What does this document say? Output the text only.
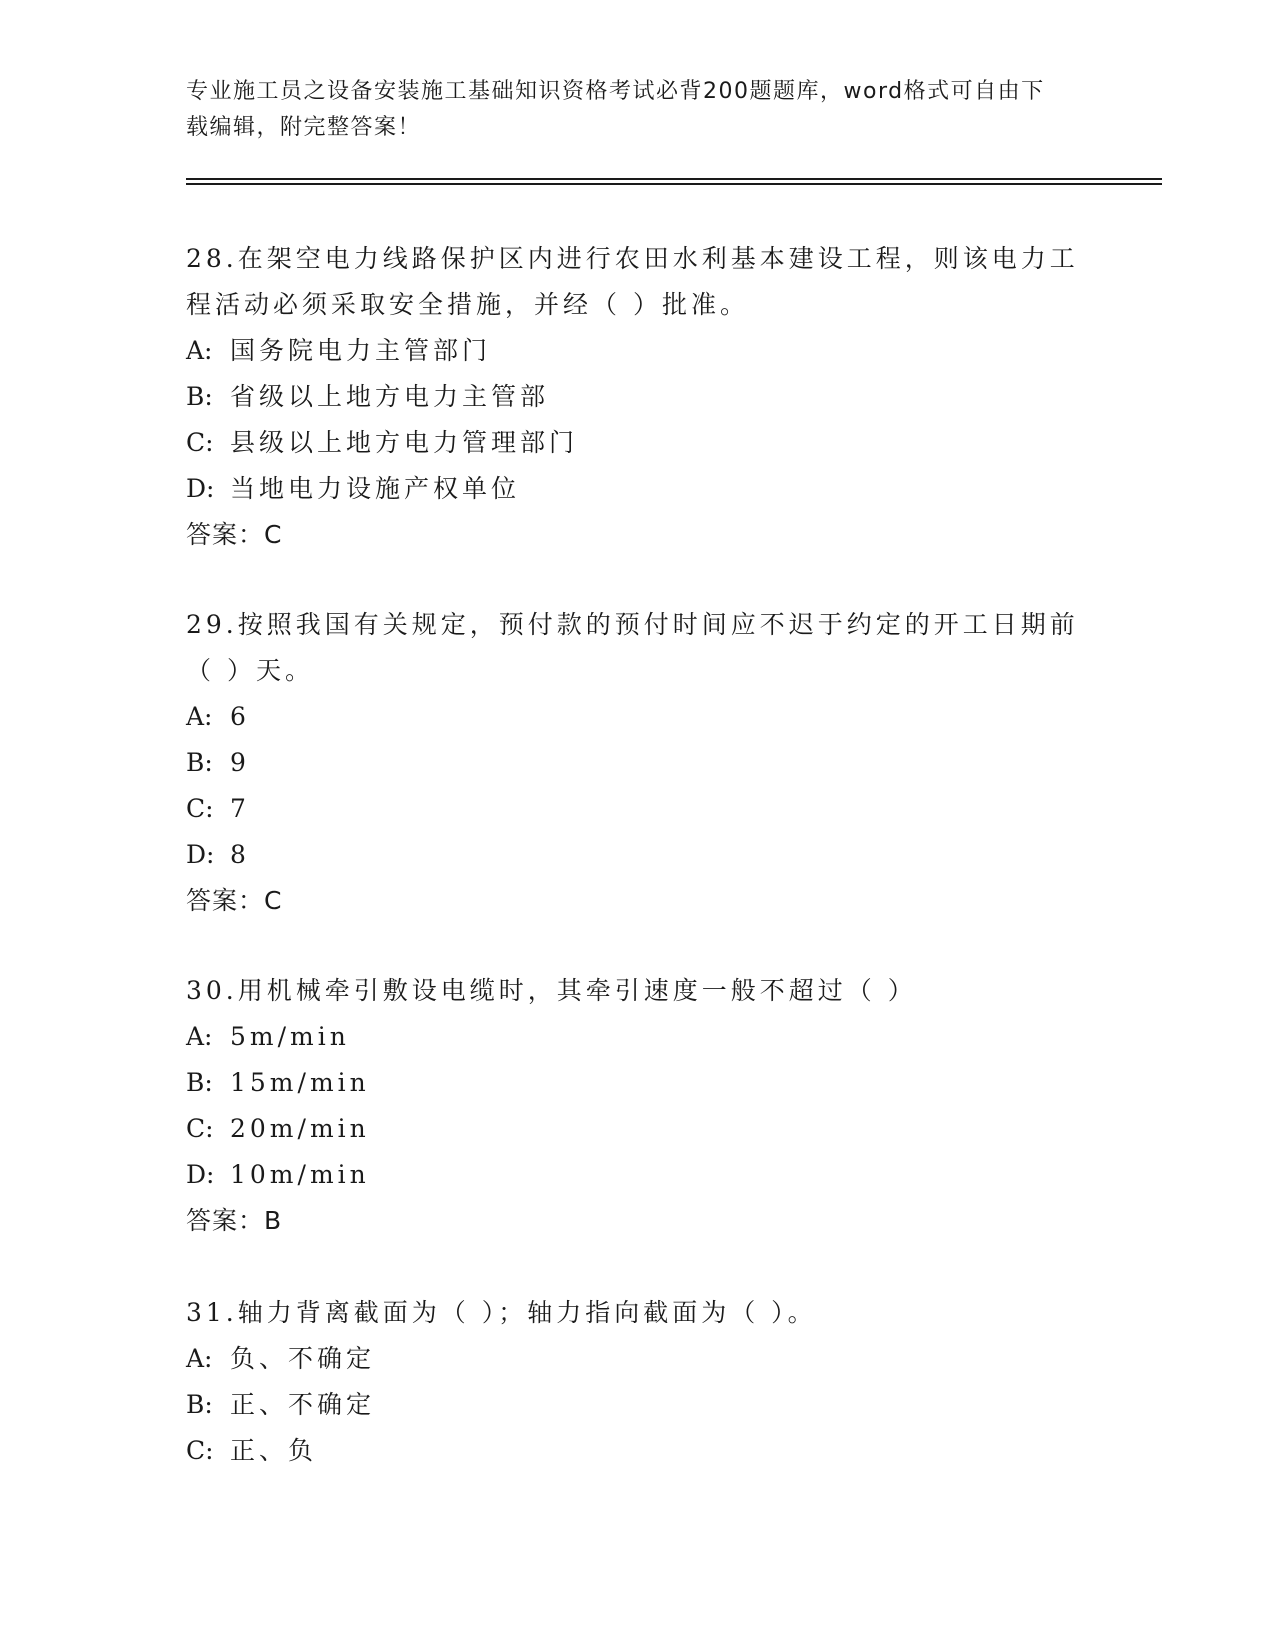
专业施工员之设备安装施工基础知识资格考试必背200题题库，word格式可自由下载编辑，附完整答案！

28.在架空电力线路保护区内进行农田水利基本建设工程，则该电力工程活动必须采取安全措施，并经（ ）批准。

A: 国务院电力主管部门

B: 省级以上地方电力主管部

C: 县级以上地方电力管理部门

D: 当地电力设施产权单位

答案：C

29.按照我国有关规定，预付款的预付时间应不迟于约定的开工日期前（ ）天。

A: 6

B: 9

C: 7

D: 8

答案：C

30.用机械牵引敷设电缆时，其牵引速度一般不超过（ ）

A: 5m/min

B: 15m/min

C: 20m/min

D: 10m/min

答案：B

31.轴力背离截面为（ ）；轴力指向截面为（ ）。

A: 负、不确定

B: 正、不确定

C: 正、负
